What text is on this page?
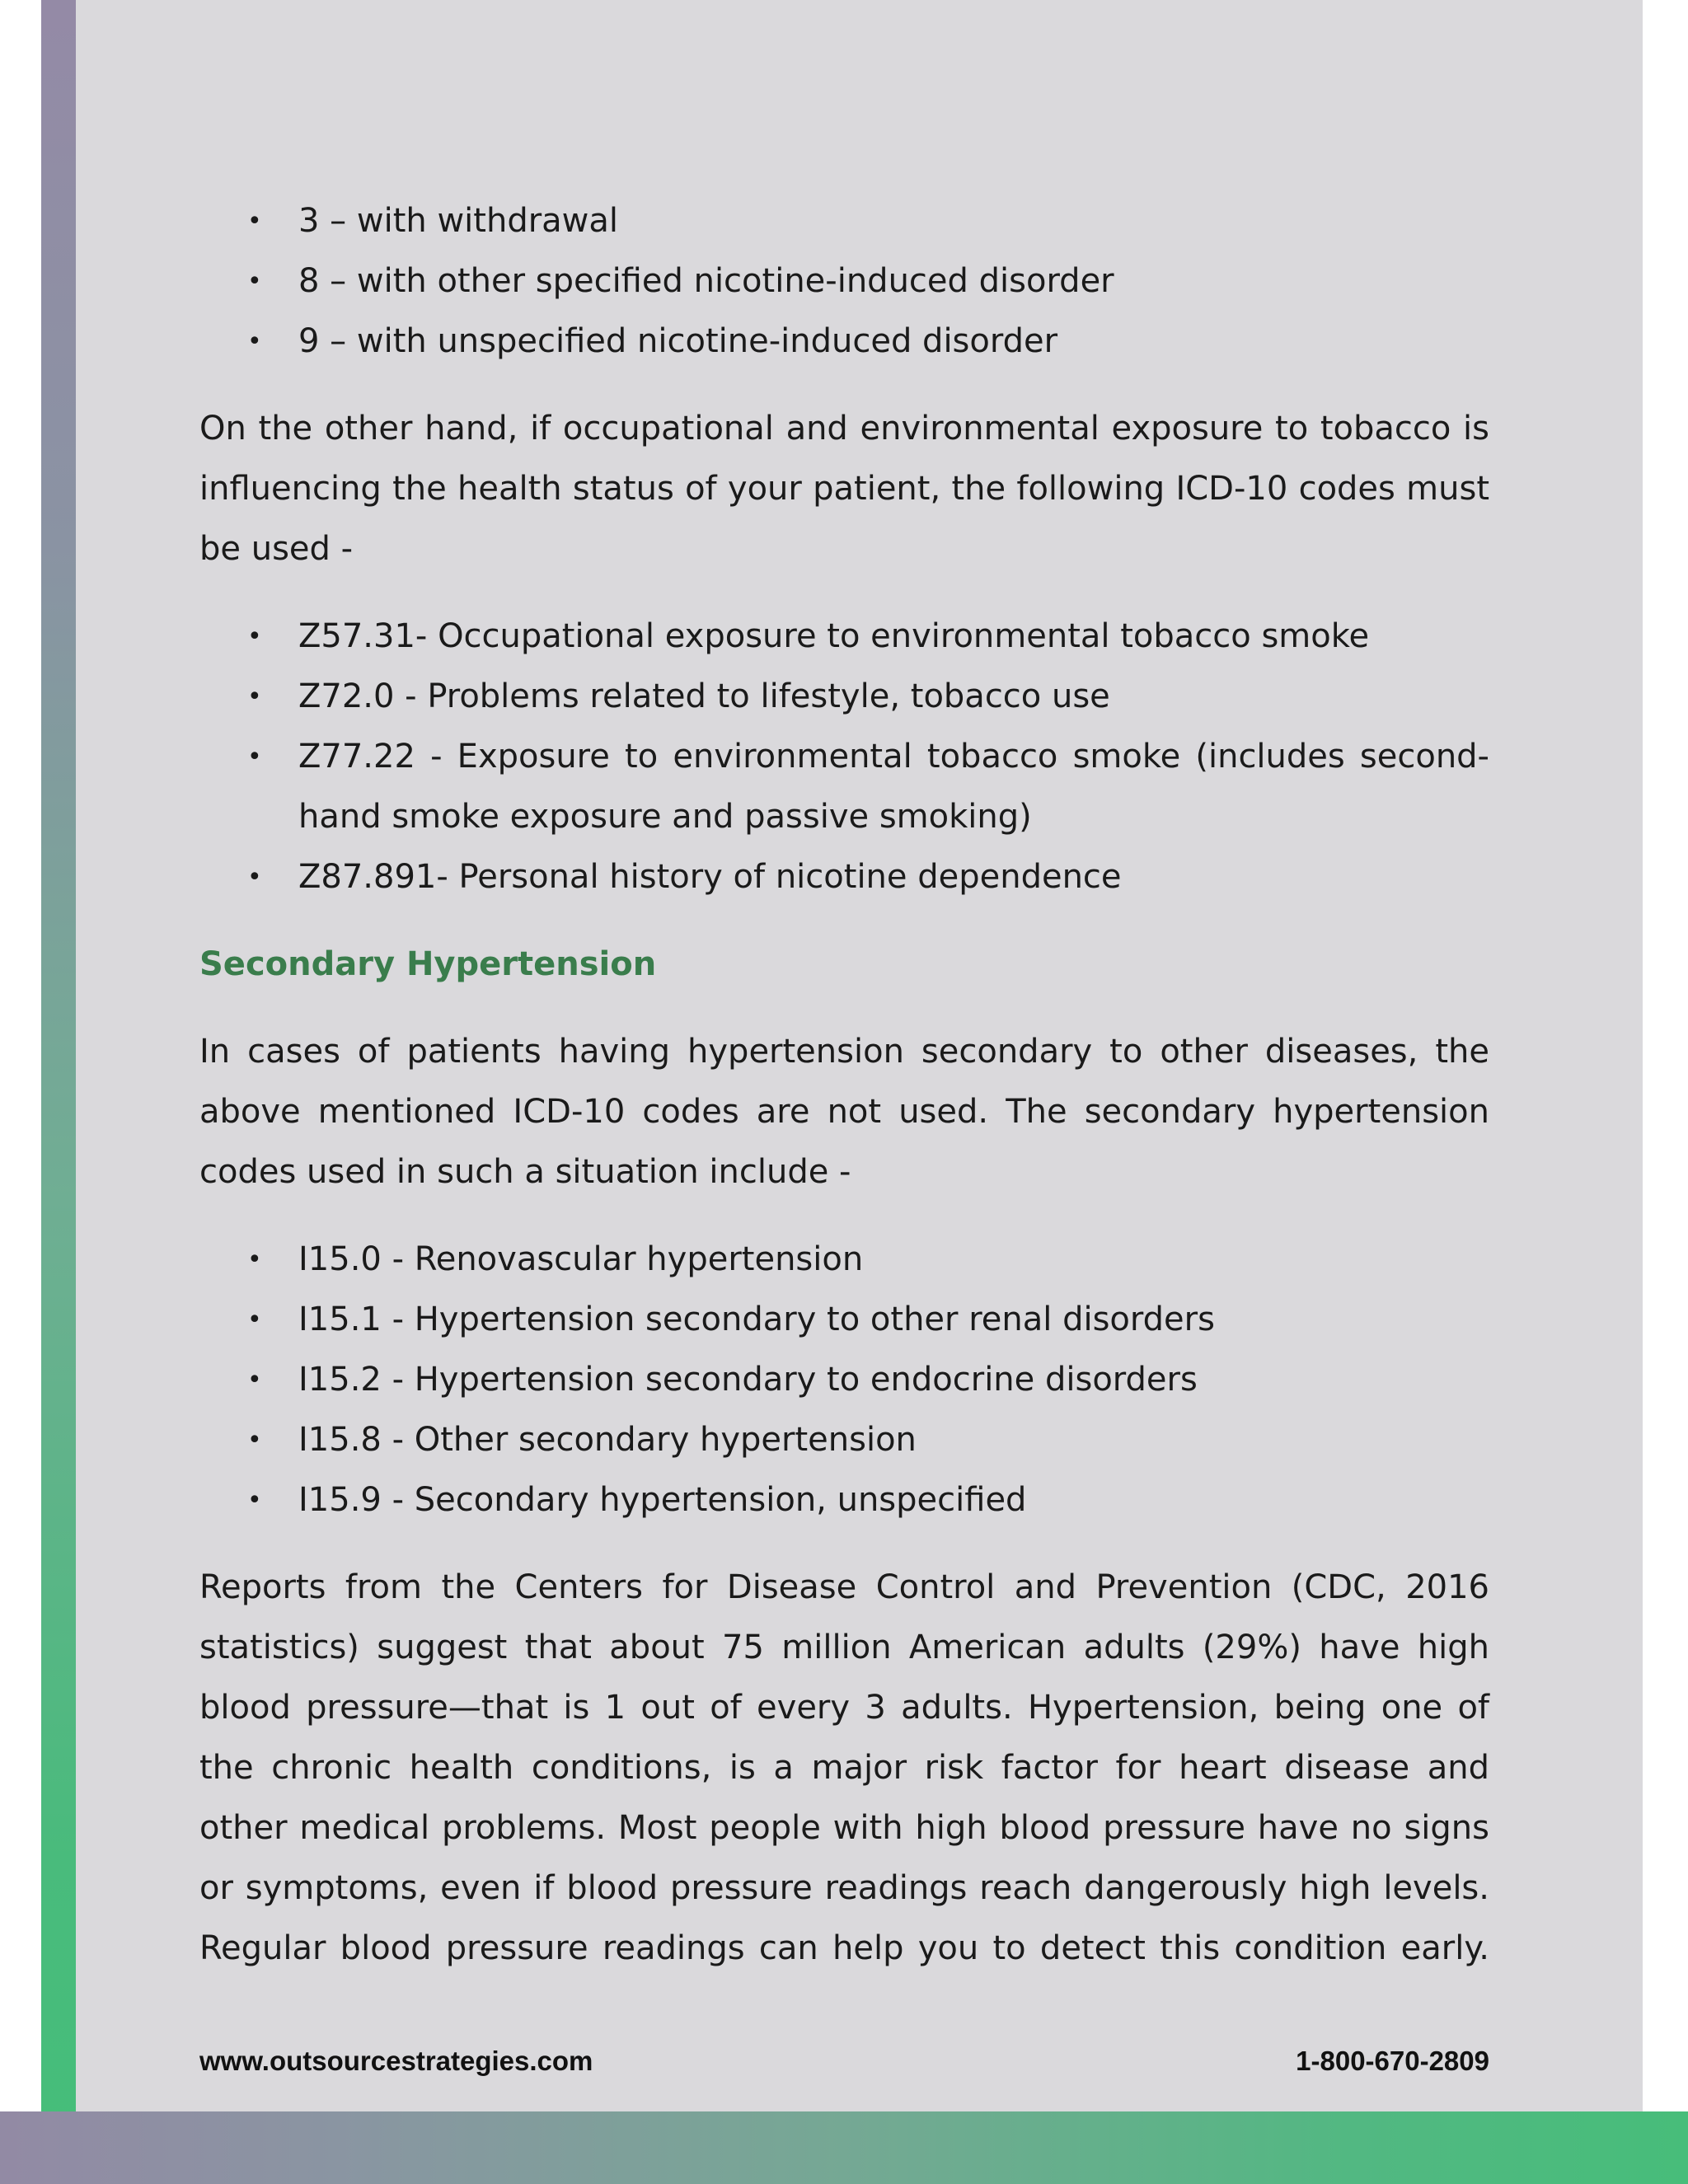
• 3 – with withdrawal
• 8 – with other specified nicotine-induced disorder
• 9 – with unspecified nicotine-induced disorder

On the other hand, if occupational and environmental exposure to tobacco is influencing the health status of your patient, the following ICD-10 codes must be used -

• Z57.31- Occupational exposure to environmental tobacco smoke
• Z72.0 - Problems related to lifestyle, tobacco use
• Z77.22 - Exposure to environmental tobacco smoke (includes second-hand smoke exposure and passive smoking)
• Z87.891- Personal history of nicotine dependence
Secondary Hypertension

In cases of patients having hypertension secondary to other diseases, the above mentioned ICD-10 codes are not used. The secondary hypertension codes used in such a situation include -

• I15.0 - Renovascular hypertension
• I15.1 - Hypertension secondary to other renal disorders
• I15.2 - Hypertension secondary to endocrine disorders
• I15.8 - Other secondary hypertension
• I15.9 - Secondary hypertension, unspecified

Reports from the Centers for Disease Control and Prevention (CDC, 2016 statistics) suggest that about 75 million American adults (29%) have high blood pressure—that is 1 out of every 3 adults. Hypertension, being one of the chronic health conditions, is a major risk factor for heart disease and other medical problems. Most people with high blood pressure have no signs or symptoms, even if blood pressure readings reach dangerously high levels. Regular blood pressure readings can help you to detect this condition early.

www.outsourcestrategies.com	1-800-670-2809
